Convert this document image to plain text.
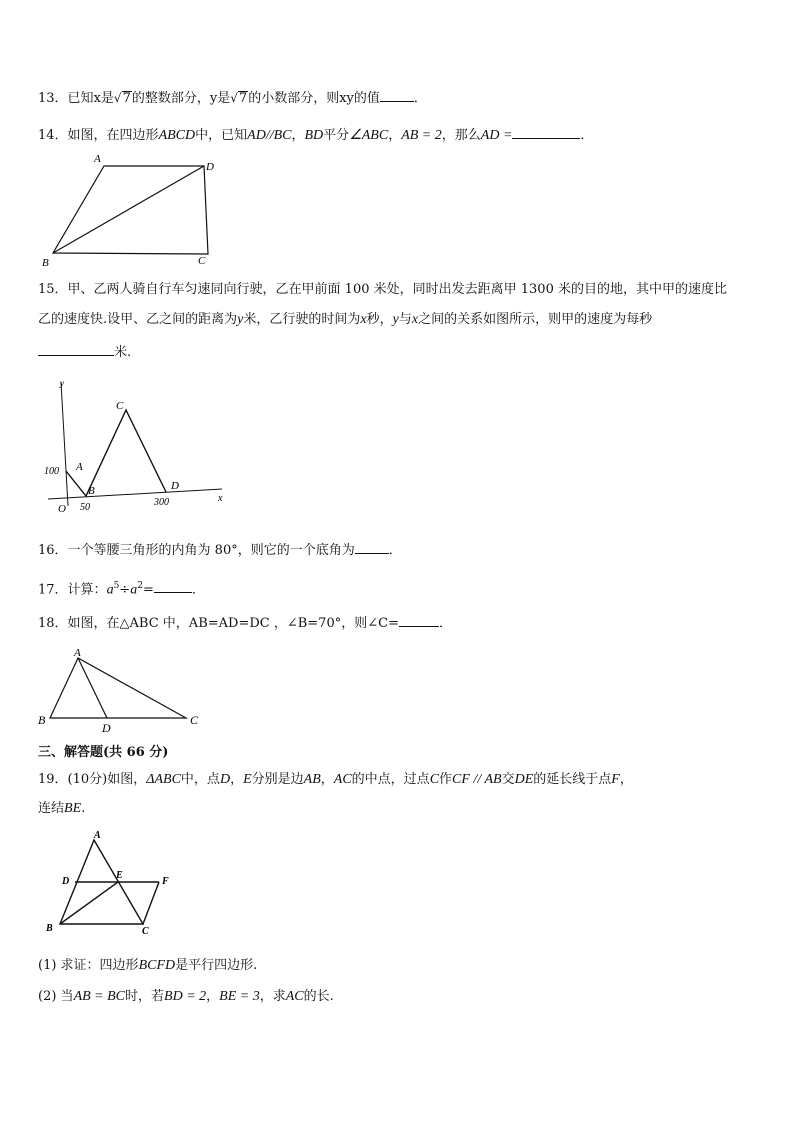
13．已知x是√7的整数部分，y是√7的小数部分，则xy的值	．
14．如图，在四边形ABCD中，已知AD//BC，BD平分∠ABC，AB = 2，那么AD =	．
A
D
B	C
15．甲、乙两人骑自行车匀速同向行驶，乙在甲前面 100 米处，同时出发去距离甲 1300 米的目的地，其中甲的速度比
乙的速度快.设甲、乙之间的距离为y米，乙行驶的时间为x秒，y与x之间的关系如图所示，则甲的速度为每秒
米.
y
x
O
A
B
C
D
100
50	300
16．一个等腰三角形的内角为 80°，则它的一个底角为	．
17．计算：$a^5\div a^2=$	．
18．如图，在△ABC 中，AB=AD=DC ，∠B=70°，则∠C=	．
A
B
D
C
三、解答题(共 66 分)
19．(10分)如图，ΔABC中，点D，E分别是边AB，AC的中点，过点C作CF // AB交DE的延长线于点F，
连结BE.
A
D
E
F
B	C
(1) 求证：四边形BCFD是平行四边形.
(2) 当AB = BC时，若BD = 2，BE = 3，求AC的长.
